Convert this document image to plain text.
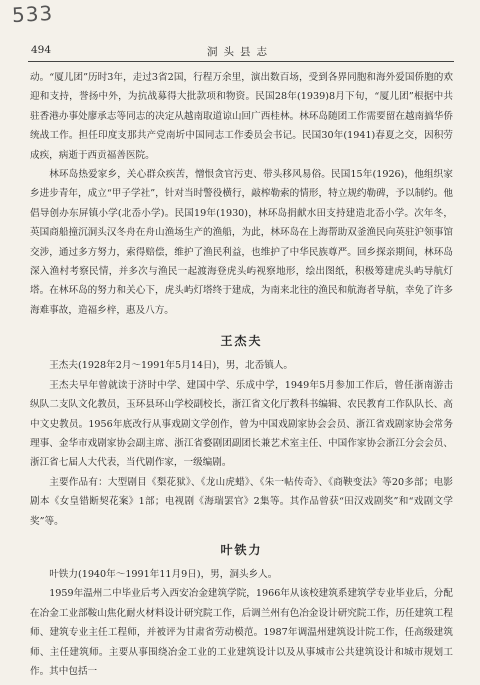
533
494	洞头县志

动。“厦儿团”历时3年，走过3省2国，行程万余里，演出数百场，受到各界同胞和海外爱国侨胞的欢迎和支持，誉扬中外，为抗战募得大批款项和物资。民国28年(1939)8月下旬，“厦儿团”根据中共驻香港办事处廖承志等同志的决定从越南取道谅山回广西桂林。林环岛随团工作需要留在越南搞华侨统战工作。担任印度支那共产党南圻中国同志工作委员会书记。民国30年(1941)春夏之交，因积劳成疾，病逝于西贡福善医院。

林环岛热爱家乡，关心群众疾苦，憎恨贪官污吏、带头移风易俗。民国15年(1926)，他组织家乡进步青年，成立“甲子学社”，针对当时警役横行，敲榨勒索的情形，特立规约勒碑，予以制约。他倡导创办东屏镇小学(北岙小学)。民国19年(1930)，林环岛捐献水田支持建造北岙小学。次年冬，英国商船撞沉洞头汉冬舟在舟山渔场生产的渔船，为此，林环岛在上海帮助双釜渔民向英驻沪领事馆交涉，通过多方努力，索得赔偿，维护了渔民利益，也维护了中华民族尊严。回乡探亲期间，林环岛深入渔村考察民情，并多次与渔民一起渡海登虎头屿视察地形，绘出图纸，积极筹建虎头屿导航灯塔。在林环岛的努力和关心下，虎头屿灯塔终于建成，为南来北往的渔民和航海者导航，幸免了许多海难事故，造福乡梓，惠及八方。

王杰夫

王杰夫(1928年2月～1991年5月14日)，男，北岙镇人。

王杰夫早年曾就读于济时中学、建国中学、乐成中学，1949年5月参加工作后，曾任浙南游击纵队二支队文化教员，玉环县环山学校副校长，浙江省文化厅教科书编辑、农民教育工作队队长、高中文史教员。1956年底改行从事戏剧文学创作，曾为中国戏剧家协会会员、浙江省戏剧家协会常务理事、金华市戏剧家协会副主席、浙江省婺剧团副团长兼艺术室主任、中国作家协会浙江分会会员、浙江省七届人大代表，当代剧作家，一级编剧。

主要作品有：大型剧目《梨花狱》、《龙山虎蜡》、《朱一帖传奇》、《商鞅变法》等20多部；电影剧本《女皇错断契花案》1部；电视剧《海瑞罢官》2集等。其作品曾获“田汉戏剧奖”和“戏剧文学奖”等。

叶铁力

叶铁力(1940年～1991年11月9日)，男，洞头乡人。

1959年温州二中毕业后考入西安冶金建筑学院，1966年从该校建筑系建筑学专业毕业后，分配在冶金工业部鞍山焦化耐火材料设计研究院工作，后调兰州有色冶金设计研究院工作，历任建筑工程师、建筑专业主任工程师，并被评为甘肃省劳动模范。1987年调温州建筑设计院工作，任高级建筑师、主任建筑师。主要从事围绕冶金工业的工业建筑设计以及从事城市公共建筑设计和城市规划工作。其中包括一
